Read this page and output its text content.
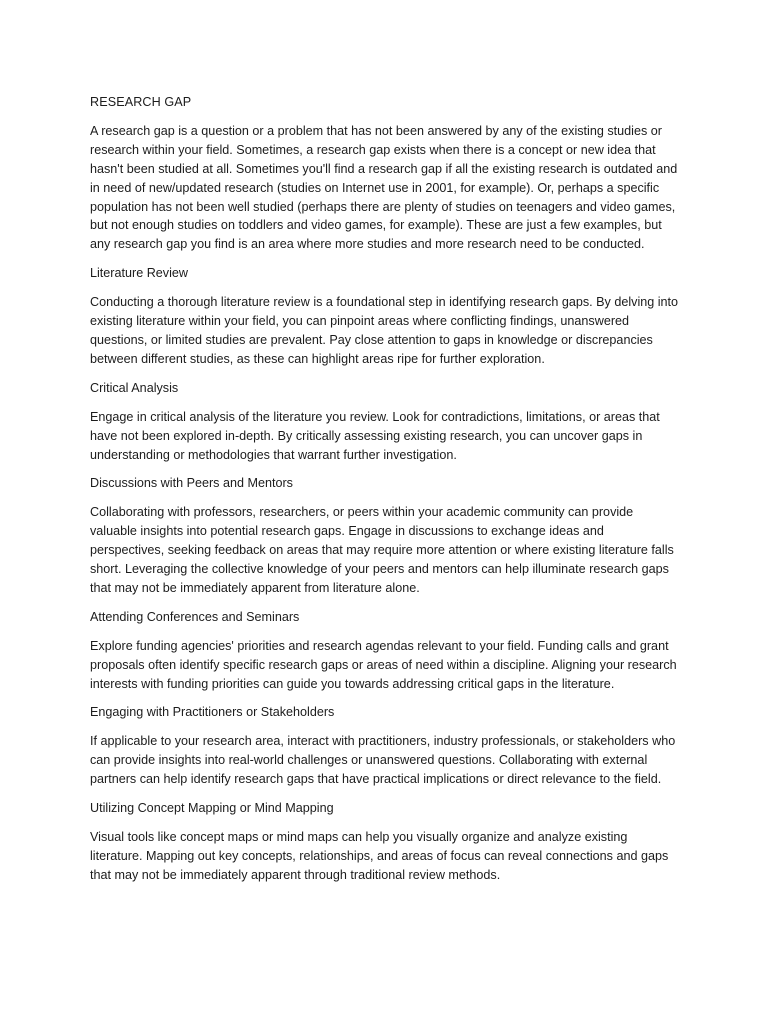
RESEARCH GAP

A research gap is a question or a problem that has not been answered by any of the existing studies or research within your field. Sometimes, a research gap exists when there is a concept or new idea that hasn't been studied at all. Sometimes you'll find a research gap if all the existing research is outdated and in need of new/updated research (studies on Internet use in 2001, for example). Or, perhaps a specific population has not been well studied (perhaps there are plenty of studies on teenagers and video games, but not enough studies on toddlers and video games, for example). These are just a few examples, but any research gap you find is an area where more studies and more research need to be conducted.

Literature Review

Conducting a thorough literature review is a foundational step in identifying research gaps. By delving into existing literature within your field, you can pinpoint areas where conflicting findings, unanswered questions, or limited studies are prevalent. Pay close attention to gaps in knowledge or discrepancies between different studies, as these can highlight areas ripe for further exploration.

Critical Analysis

Engage in critical analysis of the literature you review. Look for contradictions, limitations, or areas that have not been explored in-depth. By critically assessing existing research, you can uncover gaps in understanding or methodologies that warrant further investigation.

Discussions with Peers and Mentors

Collaborating with professors, researchers, or peers within your academic community can provide valuable insights into potential research gaps. Engage in discussions to exchange ideas and perspectives, seeking feedback on areas that may require more attention or where existing literature falls short. Leveraging the collective knowledge of your peers and mentors can help illuminate research gaps that may not be immediately apparent from literature alone.

Attending Conferences and Seminars

Explore funding agencies' priorities and research agendas relevant to your field. Funding calls and grant proposals often identify specific research gaps or areas of need within a discipline. Aligning your research interests with funding priorities can guide you towards addressing critical gaps in the literature.

Engaging with Practitioners or Stakeholders

If applicable to your research area, interact with practitioners, industry professionals, or stakeholders who can provide insights into real-world challenges or unanswered questions. Collaborating with external partners can help identify research gaps that have practical implications or direct relevance to the field.

Utilizing Concept Mapping or Mind Mapping

Visual tools like concept maps or mind maps can help you visually organize and analyze existing literature. Mapping out key concepts, relationships, and areas of focus can reveal connections and gaps that may not be immediately apparent through traditional review methods.
